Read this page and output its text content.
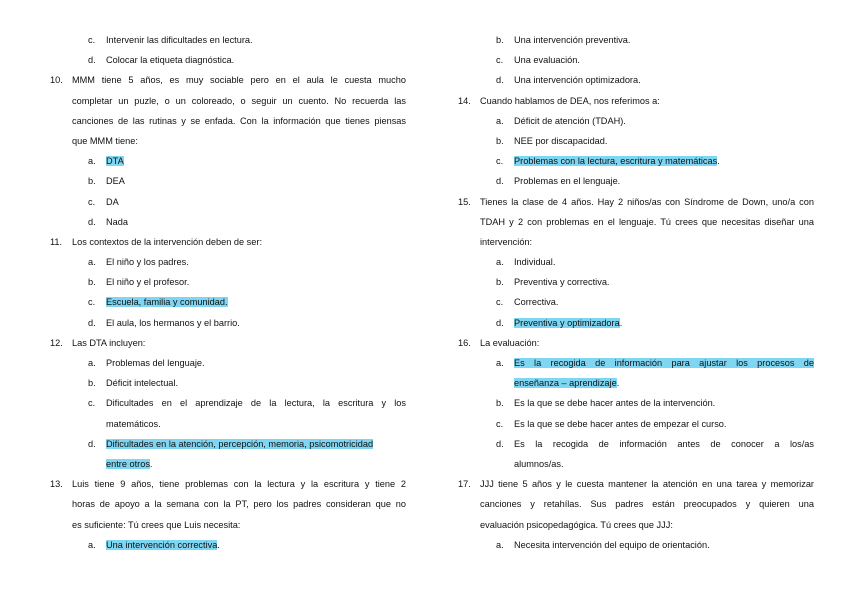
c. Intervenir las dificultades en lectura.
d. Colocar la etiqueta diagnóstica.
10. MMM tiene 5 años, es muy sociable pero en el aula le cuesta mucho
completar un puzle, o un coloreado, o seguir un cuento. No recuerda las
canciones de las rutinas y se enfada. Con la información que tienes piensas
que MMM tiene:
a. DTA
b. DEA
c. DA
d. Nada
11. Los contextos de la intervención deben de ser:
a. El niño y los padres.
b. El niño y el profesor.
c. Escuela, familia y comunidad.
d. El aula, los hermanos y el barrio.
12. Las DTA incluyen:
a. Problemas del lenguaje.
b. Déficit intelectual.
c. Dificultades en el aprendizaje de la lectura, la escritura y los
matemáticos.
d. Dificultades en la atención, percepción, memoria, psicomotricidad
entre otros.
13. Luis tiene 9 años, tiene problemas con la lectura y la escritura y tiene 2
horas de apoyo a la semana con la PT, pero los padres consideran que no
es suficiente: Tú crees que Luis necesita:
a. Una intervención correctiva.
b. Una intervención preventiva.
c. Una evaluación.
d. Una intervención optimizadora.
14. Cuando hablamos de DEA, nos referimos a:
a. Déficit de atención (TDAH).
b. NEE por discapacidad.
c. Problemas con la lectura, escritura y matemáticas.
d. Problemas en el lenguaje.
15. Tienes la clase de 4 años. Hay 2 niños/as con Síndrome de Down, uno/a con
TDAH y 2 con problemas en el lenguaje. Tú crees que necesitas diseñar una
intervención:
a. Individual.
b. Preventiva y correctiva.
c. Correctiva.
d. Preventiva y optimizadora.
16. La evaluación:
a. Es la recogida de información para ajustar los procesos de
enseñanza – aprendizaje.
b. Es la que se debe hacer antes de la intervención.
c. Es la que se debe hacer antes de empezar el curso.
d. Es la recogida de información antes de conocer a los/as
alumnos/as.
17. JJJ tiene 5 años y le cuesta mantener la atención en una tarea y memorizar
canciones y retahílas. Sus padres están preocupados y quieren una
evaluación psicopedagógica. Tú crees que JJJ:
a. Necesita intervención del equipo de orientación.
